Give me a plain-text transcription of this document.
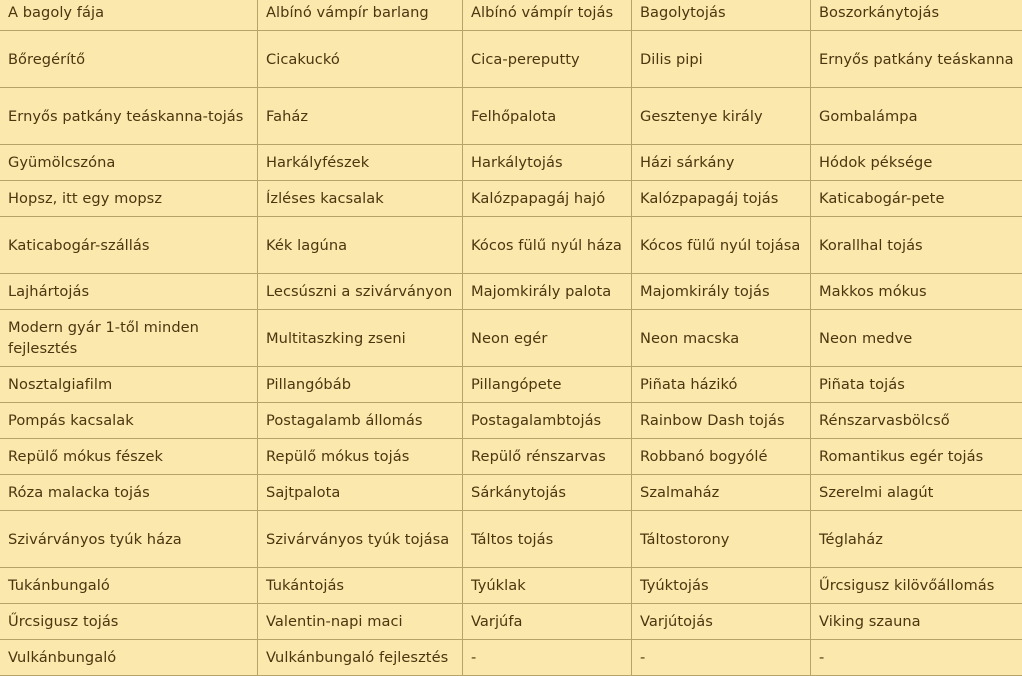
A bagoly fája	Albínó vámpír barlang	Albínó vámpír tojás	Bagolytojás	Boszorkánytojás
Bőregérítő	Cicakuckó	Cica-pereputty	Dilis pipi	Ernyős patkány teáskanna
Ernyős patkány teáskanna-tojás	Faház	Felhőpalota	Gesztenye király	Gombalámpa
Gyümölcszóna	Harkályfészek	Harkálytojás	Házi sárkány	Hódok péksége
Hopsz, itt egy mopsz	Ízléses kacsalak	Kalózpapagáj hajó	Kalózpapagáj tojás	Katicabogár-pete
Katicabogár-szállás	Kék lagúna	Kócos fülű nyúl háza	Kócos fülű nyúl tojása	Korallhal tojás
Lajhártojás	Lecsúszni a szivárványon	Majomkirály palota	Majomkirály tojás	Makkos mókus
Modern gyár 1-től minden fejlesztés	Multitaszking zseni	Neon egér	Neon macska	Neon medve
Nosztalgiafilm	Pillangóbáb	Pillangópete	Piñata házikó	Piñata tojás
Pompás kacsalak	Postagalamb állomás	Postagalambtojás	Rainbow Dash tojás	Rénszarvasbölcső
Repülő mókus fészek	Repülő mókus tojás	Repülő rénszarvas	Robbanó bogyólé	Romantikus egér tojás
Róza malacka tojás	Sajtpalota	Sárkánytojás	Szalmaház	Szerelmi alagút
Szivárványos tyúk háza	Szivárványos tyúk tojása	Táltos tojás	Táltostorony	Téglaház
Tukánbungaló	Tukántojás	Tyúklak	Tyúktojás	Űrcsigusz kilövőállomás
Űrcsigusz tojás	Valentin-napi maci	Varjúfa	Varjútojás	Viking szauna
Vulkánbungaló	Vulkánbungaló fejlesztés	-	-	-
